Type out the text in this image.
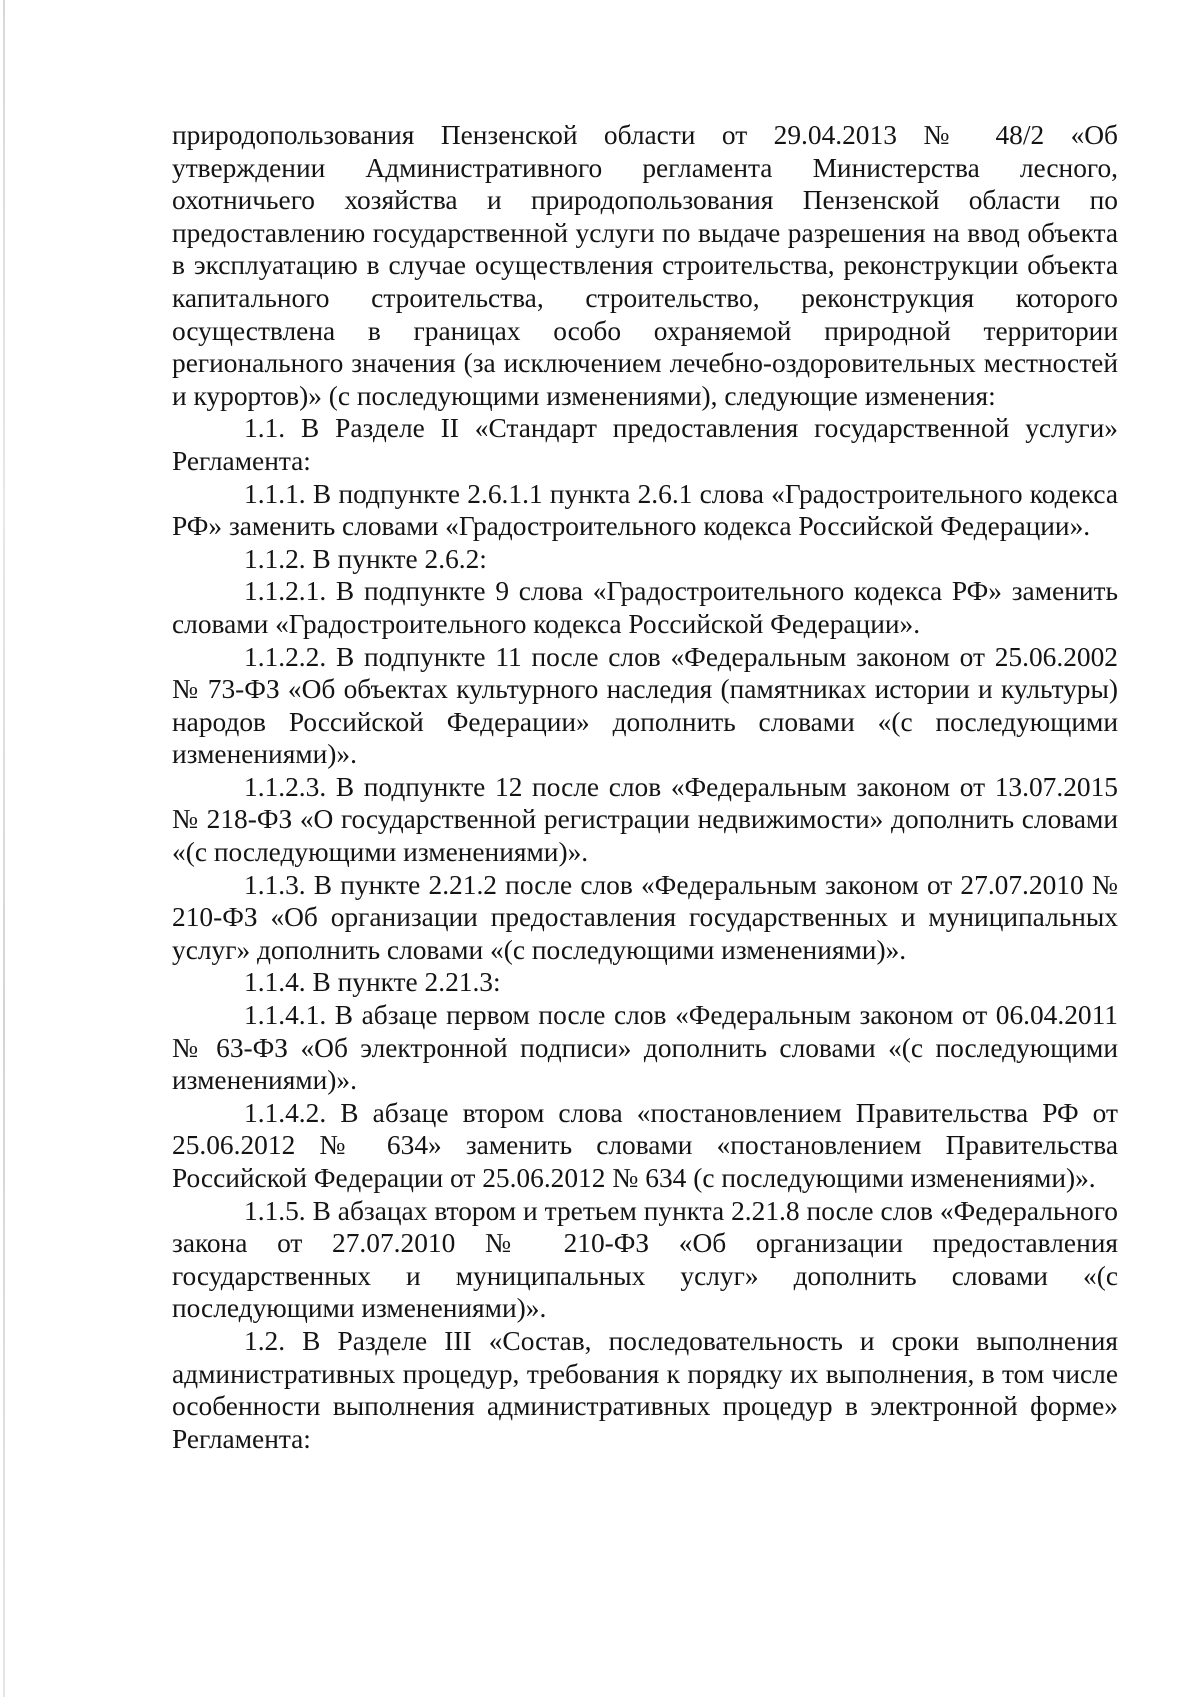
природопользования Пензенской области от 29.04.2013 № 48/2 «Об утверждении Административного регламента Министерства лесного, охотничьего хозяйства и природопользования Пензенской области по предоставлению государственной услуги по выдаче разрешения на ввод объекта в эксплуатацию в случае осуществления строительства, реконструкции объекта капитального строительства, строительство, реконструкция которого осуществлена в границах особо охраняемой природной территории регионального значения (за исключением лечебно-оздоровительных местностей и курортов)» (с последующими изменениями), следующие изменения:

1.1. В Разделе II «Стандарт предоставления государственной услуги» Регламента:

1.1.1. В подпункте 2.6.1.1 пункта 2.6.1 слова «Градостроительного кодекса РФ» заменить словами «Градостроительного кодекса Российской Федерации».

1.1.2. В пункте 2.6.2:

1.1.2.1. В подпункте 9 слова «Градостроительного кодекса РФ» заменить словами «Градостроительного кодекса Российской Федерации».

1.1.2.2. В подпункте 11 после слов «Федеральным законом от 25.06.2002 № 73-ФЗ «Об объектах культурного наследия (памятниках истории и культуры) народов Российской Федерации» дополнить словами «(с последующими изменениями)».

1.1.2.3. В подпункте 12 после слов «Федеральным законом от 13.07.2015 № 218-ФЗ «О государственной регистрации недвижимости» дополнить словами «(с последующими изменениями)».

1.1.3. В пункте 2.21.2 после слов «Федеральным законом от 27.07.2010 № 210-ФЗ «Об организации предоставления государственных и муниципальных услуг» дополнить словами «(с последующими изменениями)».

1.1.4. В пункте 2.21.3:

1.1.4.1. В абзаце первом после слов «Федеральным законом от 06.04.2011 № 63-ФЗ «Об электронной подписи» дополнить словами «(с последующими изменениями)».

1.1.4.2. В абзаце втором слова «постановлением Правительства РФ от 25.06.2012 № 634» заменить словами «постановлением Правительства Российской Федерации от 25.06.2012 № 634 (с последующими изменениями)».

1.1.5. В абзацах втором и третьем пункта 2.21.8 после слов «Федерального закона от 27.07.2010 № 210-ФЗ «Об организации предоставления государственных и муниципальных услуг» дополнить словами «(с последующими изменениями)».

1.2. В Разделе III «Состав, последовательность и сроки выполнения административных процедур, требования к порядку их выполнения, в том числе особенности выполнения административных процедур в электронной форме» Регламента:
